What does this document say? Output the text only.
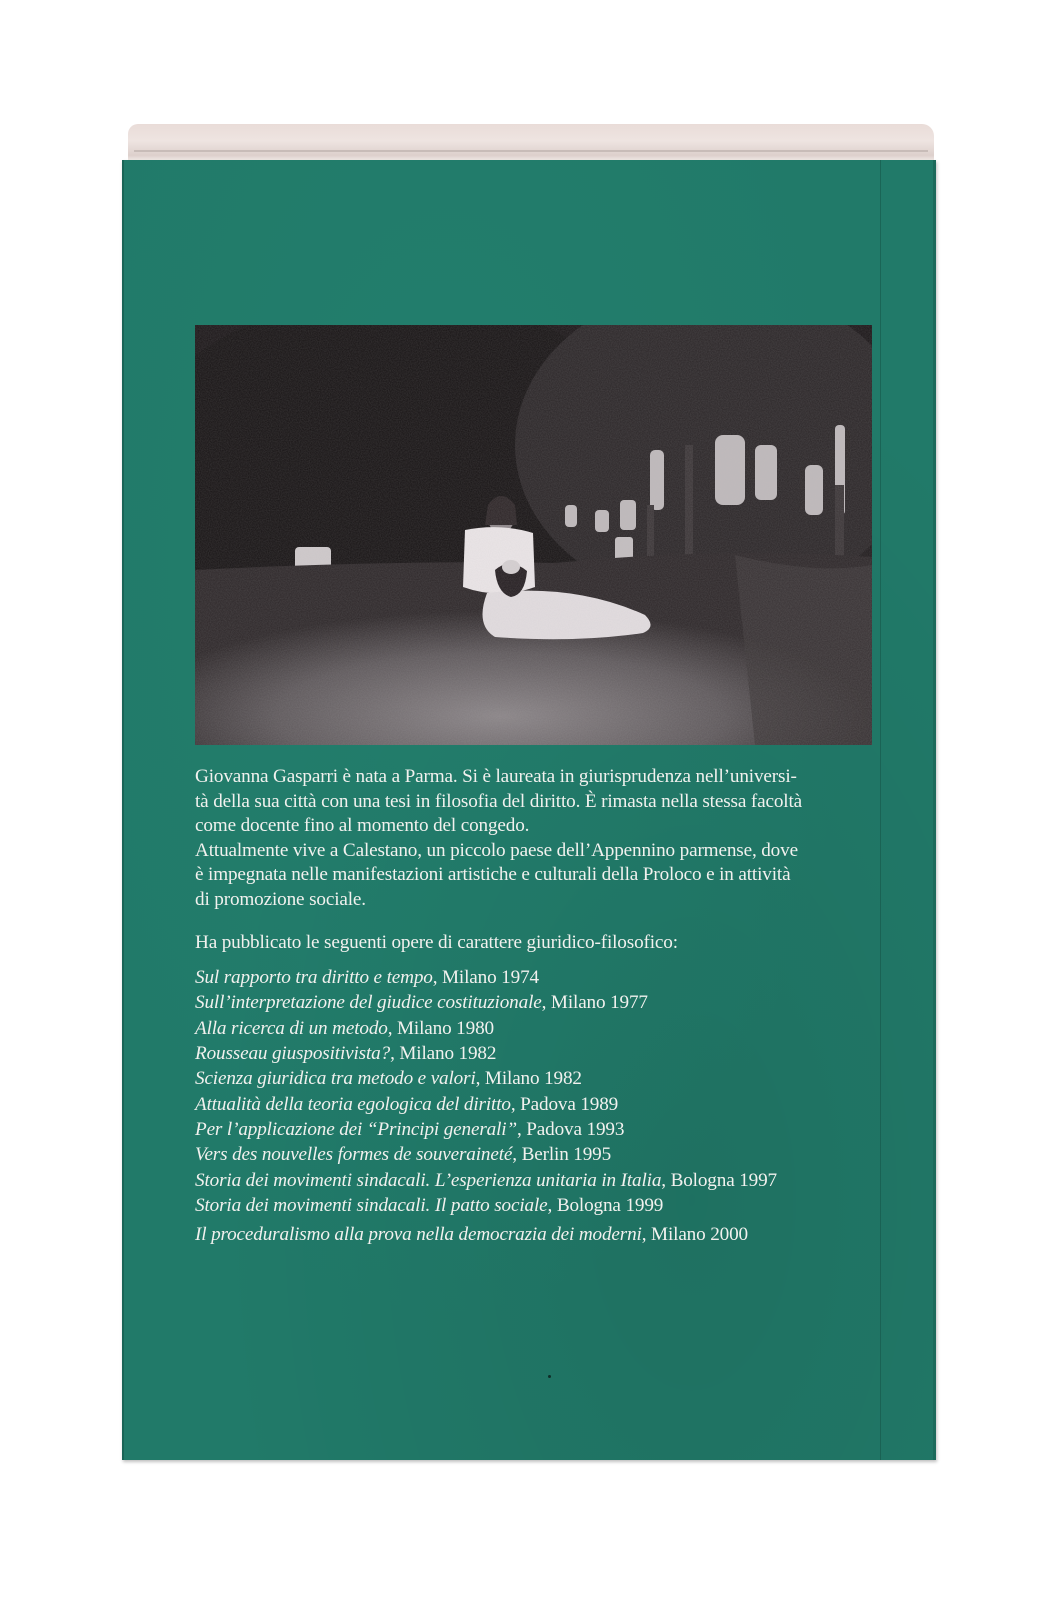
Giovanna Gasparri è nata a Parma. Si è laureata in giurisprudenza nell’universi-
tà della sua città con una tesi in filosofia del diritto. È rimasta nella stessa facoltà
come docente fino al momento del congedo.

Attualmente vive a Calestano, un piccolo paese dell’Appennino parmense, dove
è impegnata nelle manifestazioni artistiche e culturali della Proloco e in attività
di promozione sociale.

Ha pubblicato le seguenti opere di carattere giuridico-filosofico:

Sul rapporto tra diritto e tempo, Milano 1974
Sull’interpretazione del giudice costituzionale, Milano 1977
Alla ricerca di un metodo, Milano 1980
Rousseau giuspositivista?, Milano 1982
Scienza giuridica tra metodo e valori, Milano 1982
Attualità della teoria egologica del diritto, Padova 1989
Per l’applicazione dei “Principi generali”, Padova 1993
Vers des nouvelles formes de souveraineté, Berlin 1995
Storia dei movimenti sindacali. L’esperienza unitaria in Italia, Bologna 1997
Storia dei movimenti sindacali. Il patto sociale, Bologna 1999
Il proceduralismo alla prova nella democrazia dei moderni, Milano 2000
